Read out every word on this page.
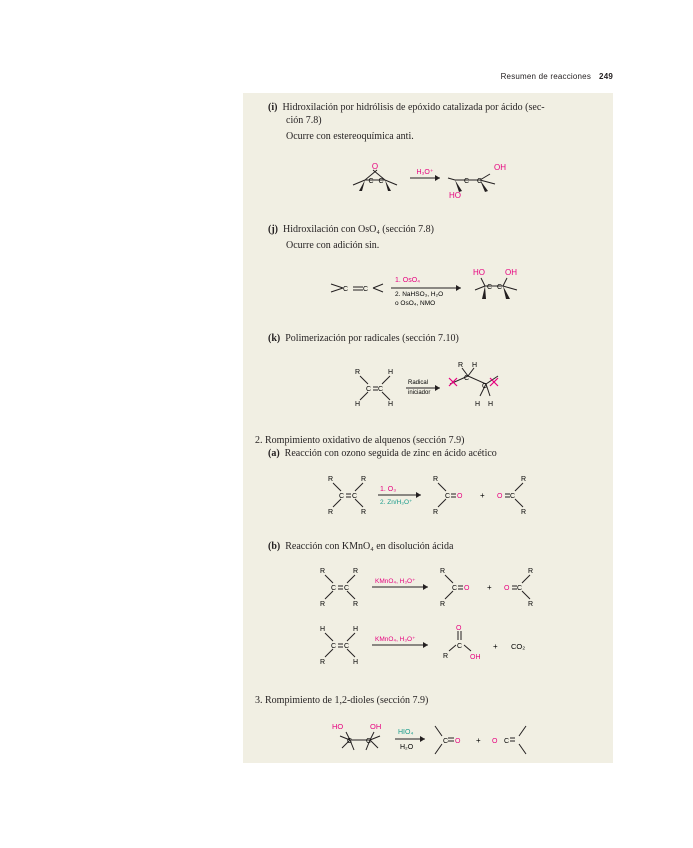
Resumen de reacciones 249
(i) Hidroxilación por hidrólisis de epóxido catalizada por ácido (sec-
ción 7.8)
Ocurre con estereoquímica anti.
O
C C
H₃O⁺
C C
OH
HO
(j) Hidroxilación con OsO₄ (sección 7.8)
Ocurre con adición sin.
C C
1. OsO₄
2. NaHSO₃, H₂O
o OsO₄, NMO
C C
HO	OH
(k) Polimerización por radicales (sección 7.10)
R	H
H	H
C C
Radical
iniciador
R H
C
C
H H
2. Rompimiento oxidativo de alquenos (sección 7.9)
(a) Reacción con ozono seguida de zinc en ácido acético
R	R
R	R
C C
1. O₃
2. Zn/H₃O⁺
R
R
C O + O C
R
R
(b) Reacción con KMnO₄ en disolución ácida
R	R
R	R
C C
KMnO₄, H₃O⁺
R
R
C O + O C
R
R
H	H
R	H
C C
KMnO₄, H₃O⁺
O
C
R	OH
+ CO₂
3. Rompimiento de 1,2-dioles (sección 7.9)
HO	OH
C C
HIO₄
H₂O
C O + O C
